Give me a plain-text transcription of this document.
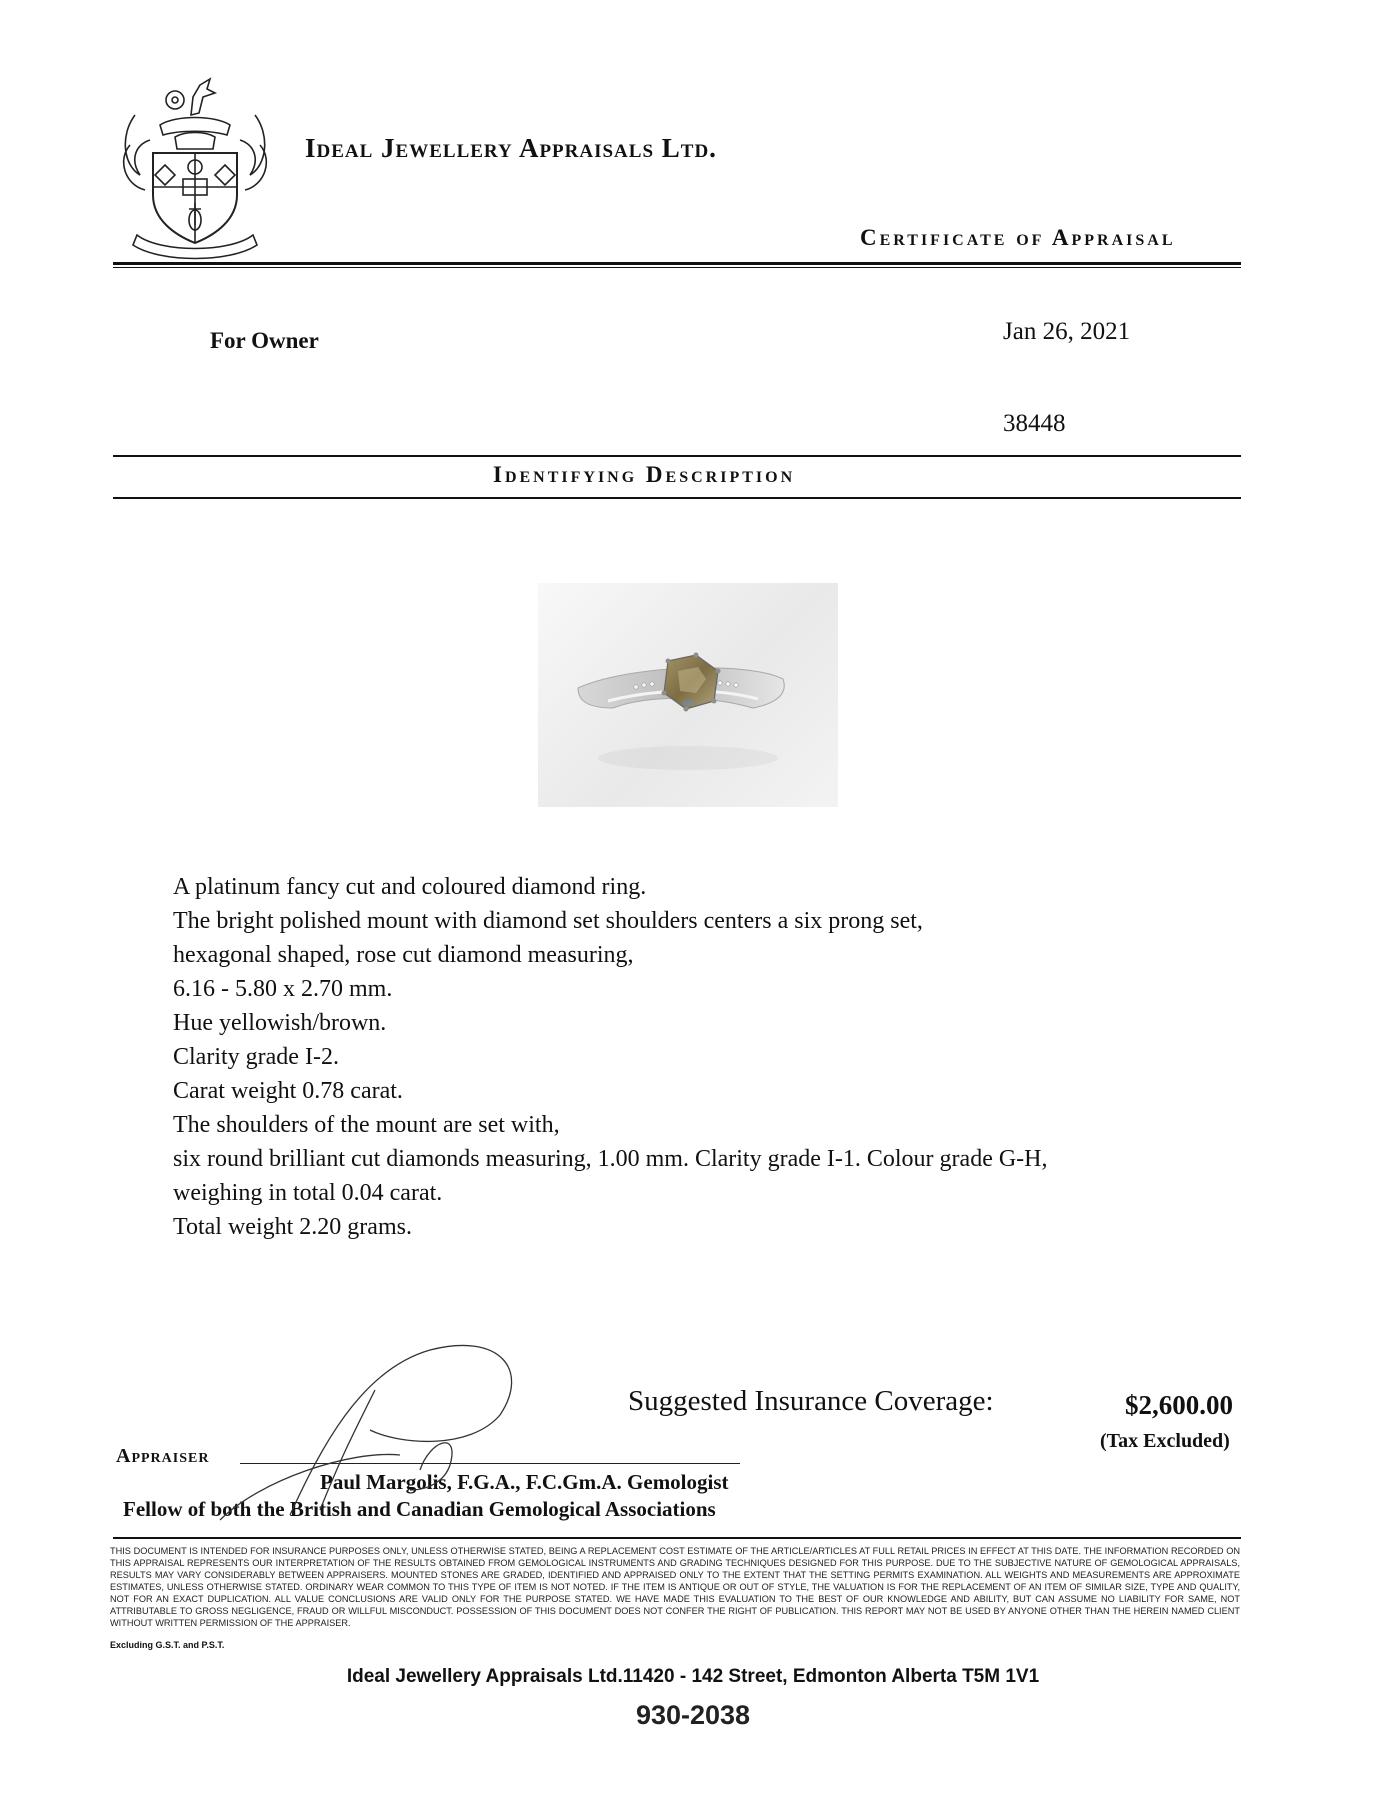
Ideal Jewellery Appraisals Ltd.
Certificate of Appraisal
For Owner	Jan 26, 2021
38448
Identifying Description
A platinum fancy cut and coloured diamond ring.
The bright polished mount with diamond set shoulders centers a six prong set,
hexagonal shaped, rose cut diamond measuring,
6.16 - 5.80 x 2.70 mm.
Hue yellowish/brown.
Clarity grade I-2.
Carat weight 0.78 carat.
The shoulders of the mount are set with,
six round brilliant cut diamonds measuring, 1.00 mm. Clarity grade I-1. Colour grade G-H,
weighing in total 0.04 carat.
Total weight 2.20 grams.
Suggested Insurance Coverage:	$2,600.00
(Tax Excluded)
Appraiser
Paul Margolis, F.G.A., F.C.Gm.A. Gemologist
Fellow of both the British and Canadian Gemological Associations
THIS DOCUMENT IS INTENDED FOR INSURANCE PURPOSES ONLY, UNLESS OTHERWISE STATED, BEING A REPLACEMENT COST ESTIMATE OF THE ARTICLE/ARTICLES AT FULL RETAIL PRICES IN EFFECT AT THIS DATE. THE INFORMATION RECORDED ON THIS APPRAISAL REPRESENTS OUR INTERPRETATION OF THE RESULTS OBTAINED FROM GEMOLOGICAL INSTRUMENTS AND GRADING TECHNIQUES DESIGNED FOR THIS PURPOSE. DUE TO THE SUBJECTIVE NATURE OF GEMOLOGICAL APPRAISALS, RESULTS MAY VARY CONSIDERABLY BETWEEN APPRAISERS. MOUNTED STONES ARE GRADED, IDENTIFIED AND APPRAISED ONLY TO THE EXTENT THAT THE SETTING PERMITS EXAMINATION. ALL WEIGHTS AND MEASUREMENTS ARE APPROXIMATE ESTIMATES, UNLESS OTHERWISE STATED. ORDINARY WEAR COMMON TO THIS TYPE OF ITEM IS NOT NOTED. IF THE ITEM IS ANTIQUE OR OUT OF STYLE, THE VALUATION IS FOR THE REPLACEMENT OF AN ITEM OF SIMILAR SIZE, TYPE AND QUALITY, NOT FOR AN EXACT DUPLICATION. ALL VALUE CONCLUSIONS ARE VALID ONLY FOR THE PURPOSE STATED. WE HAVE MADE THIS EVALUATION TO THE BEST OF OUR KNOWLEDGE AND ABILITY, BUT CAN ASSUME NO LIABILITY FOR SAME, NOT ATTRIBUTABLE TO GROSS NEGLIGENCE, FRAUD OR WILLFUL MISCONDUCT. POSSESSION OF THIS DOCUMENT DOES NOT CONFER THE RIGHT OF PUBLICATION. THIS REPORT MAY NOT BE USED BY ANYONE OTHER THAN THE HEREIN NAMED CLIENT WITHOUT WRITTEN PERMISSION OF THE APPRAISER.
Excluding G.S.T. and P.S.T.
Ideal Jewellery Appraisals Ltd.11420 - 142 Street, Edmonton Alberta T5M 1V1
930-2038
